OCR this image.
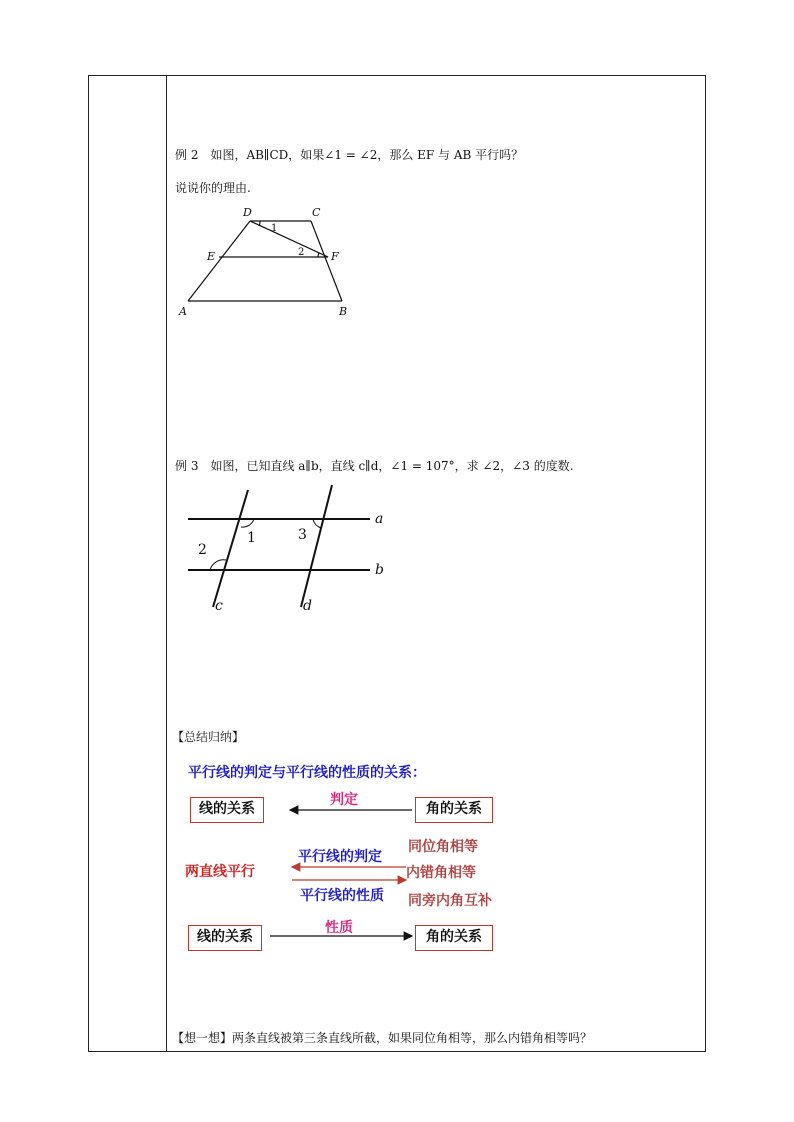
例 2　如图，AB∥CD，如果∠1 = ∠2，那么 EF 与 AB 平行吗？
说说你的理由.
D	C
E	F
A	B
1
2
例 3　如图，已知直线 a∥b，直线 c∥d，∠1 = 107°，求 ∠2，∠3 的度数.
1
2
3
a
b
c	d
【总结归纳】
平行线的判定与平行线的性质的关系：
线的关系	角的关系
判定
两直线平行
平行线的判定
平行线的性质
同位角相等
内错角相等
同旁内角互补
线的关系	角的关系
性质
【想一想】两条直线被第三条直线所截，如果同位角相等，那么内错角相等吗？
